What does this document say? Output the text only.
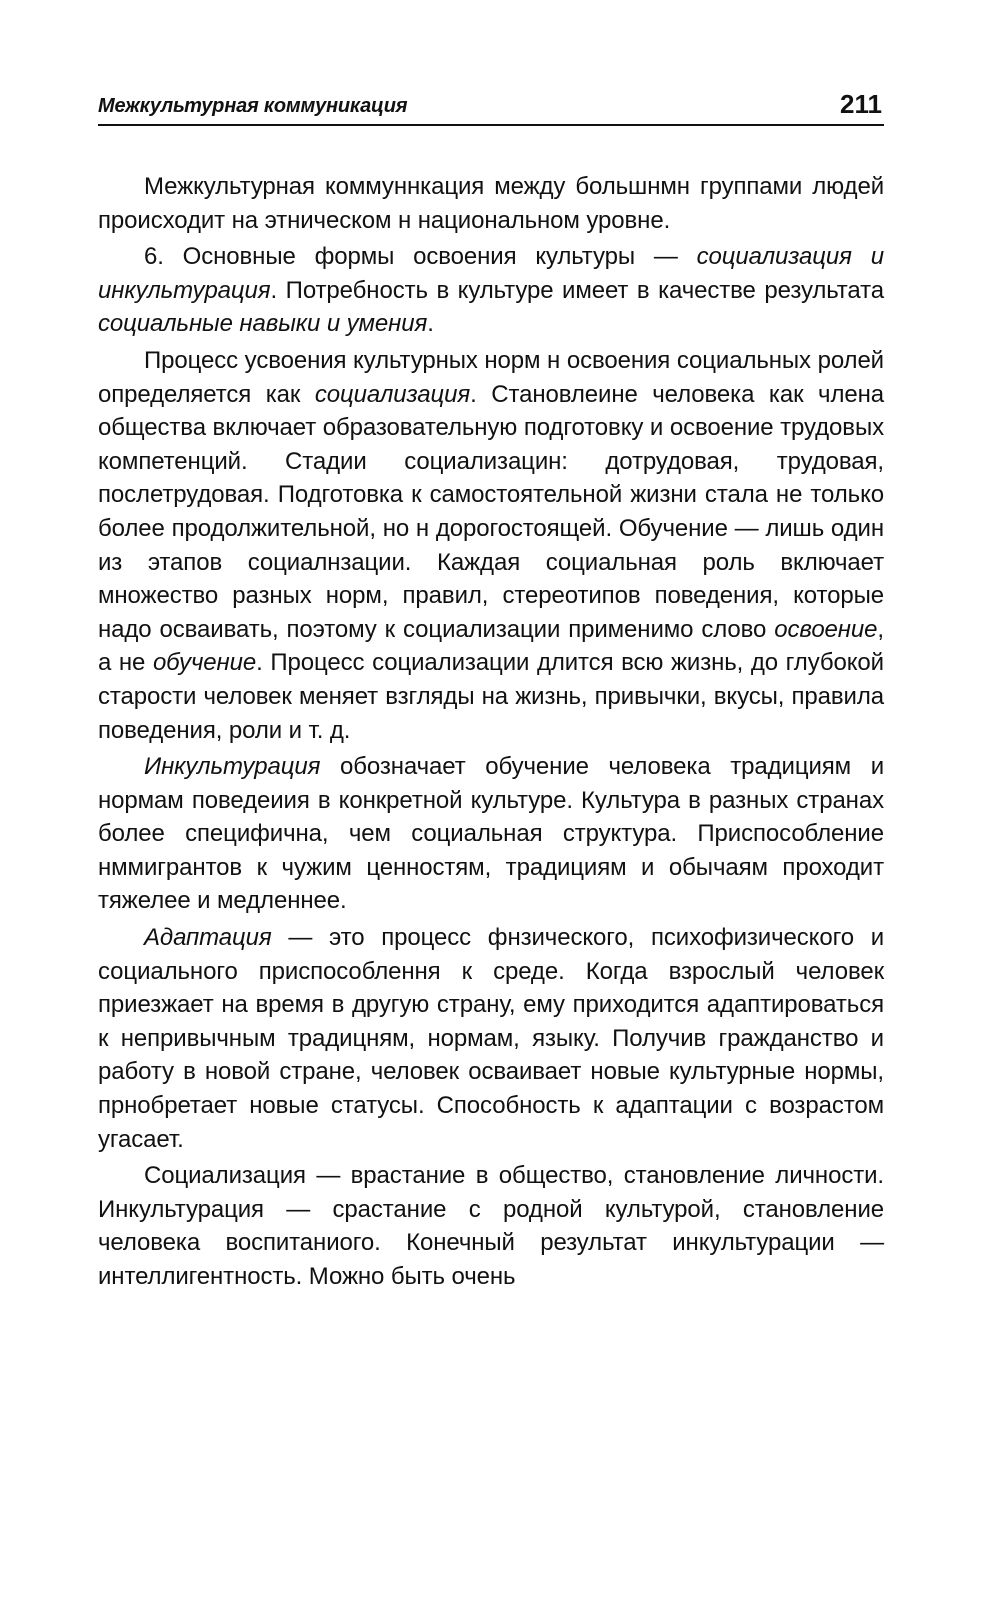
Межкультурная коммуникация	211

Межкультурная коммуннкация между большнмн группами людей происходит на этническом н национальном уровне.

6. Основные формы освоения культуры — социализация и инкультурация. Потребность в культуре имеет в качестве результата социальные навыки и умения.

Процесс усвоения культурных норм н освоения социальных ролей определяется как социализация. Становлеине человека как члена общества включает образовательную подготовку и освоение трудовых компетенций. Стадии социализацин: дотрудовая, трудовая, послетрудовая. Подготовка к самостоятельной жизни стала не только более продолжительной, но н дорогостоящей. Обучение — лишь один из этапов социалнзации. Каждая социальная роль включает множество разных норм, правил, стереотипов поведения, которые надо осваивать, поэтому к социализации применимо слово освоение, а не обучение. Процесс социализации длится всю жизнь, до глубокой старости человек меняет взгляды на жизнь, привычки, вкусы, правила поведения, роли и т. д.

Инкультурация обозначает обучение человека традициям и нормам поведеиия в конкретной культуре. Культура в разных странах более специфична, чем социальная структура. Приспособление нммигрантов к чужим ценностям, традициям и обычаям проходит тяжелее и медленнее.

Адаптация — это процесс фнзического, психофизического и социального приспособлення к среде. Когда взрослый человек приезжает на время в другую страну, ему приходится адаптироваться к непривычным традицням, нормам, языку. Получив гражданство и работу в новой стране, человек осваивает новые культурные нормы, прнобретает новые статусы. Способность к адаптации с возрастом угасает.

Социализация — врастание в общество, становление личности. Инкультурация — срастание с родной культурой, становление человека воспитаниого. Конечный результат инкультурации — интеллигентность. Можно быть очень
